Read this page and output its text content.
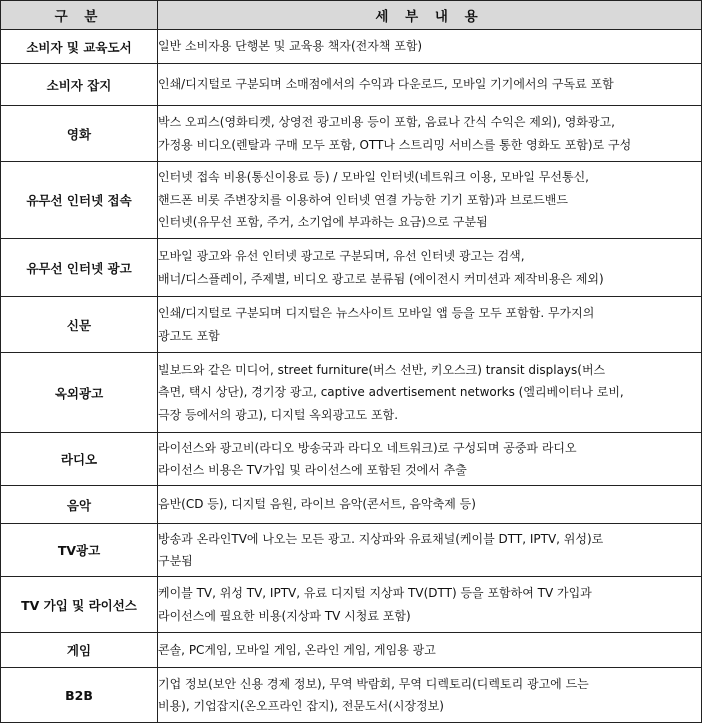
구 분	세 부 내 용
소비자 및 교육도서	일반 소비자용 단행본 및 교육용 책자(전자책 포함)
소비자 잡지	인쇄/디지털로 구분되며 소매점에서의 수익과 다운로드, 모바일 기기에서의 구독료 포함
영화	박스 오피스(영화티켓, 상영전 광고비용 등이 포함, 음료나 간식 수익은 제외), 영화광고,
가정용 비디오(렌탈과 구매 모두 포함, OTT나 스트리밍 서비스를 통한 영화도 포함)로 구성
유무선 인터넷 접속	인터넷 접속 비용(통신이용료 등) / 모바일 인터넷(네트워크 이용, 모바일 무선통신,
핸드폰 비롯 주변장치를 이용하여 인터넷 연결 가능한 기기 포함)과 브로드밴드
인터넷(유무선 포함, 주거, 소기업에 부과하는 요금)으로 구분됨
유무선 인터넷 광고	모바일 광고와 유선 인터넷 광고로 구분되며, 유선 인터넷 광고는 검색,
배너/디스플레이, 주제별, 비디오 광고로 분류됨 (에이전시 커미션과 제작비용은 제외)
신문	인쇄/디지털로 구분되며 디지털은 뉴스사이트 모바일 앱 등을 모두 포함함. 무가지의
광고도 포함
옥외광고	빌보드와 같은 미디어, street furniture(버스 선반, 키오스크) transit displays(버스
측면, 택시 상단), 경기장 광고, captive advertisement networks (엘리베이터나 로비,
극장 등에서의 광고), 디지털 옥외광고도 포함.
라디오	라이선스와 광고비(라디오 방송국과 라디오 네트워크)로 구성되며 공중파 라디오
라이선스 비용은 TV가입 및 라이선스에 포함된 것에서 추출
음악	음반(CD 등), 디지털 음원, 라이브 음악(콘서트, 음악축제 등)
TV광고	방송과 온라인TV에 나오는 모든 광고. 지상파와 유료채널(케이블 DTT, IPTV, 위성)로
구분됨
TV 가입 및 라이선스	케이블 TV, 위성 TV, IPTV, 유료 디지털 지상파 TV(DTT) 등을 포함하여 TV 가입과
라이선스에 필요한 비용(지상파 TV 시청료 포함)
게임	콘솔, PC게임, 모바일 게임, 온라인 게임, 게임용 광고
B2B	기업 정보(보안 신용 경제 정보), 무역 박람회, 무역 디렉토리(디렉토리 광고에 드는
비용), 기업잡지(온오프라인 잡지), 전문도서(시장정보)
